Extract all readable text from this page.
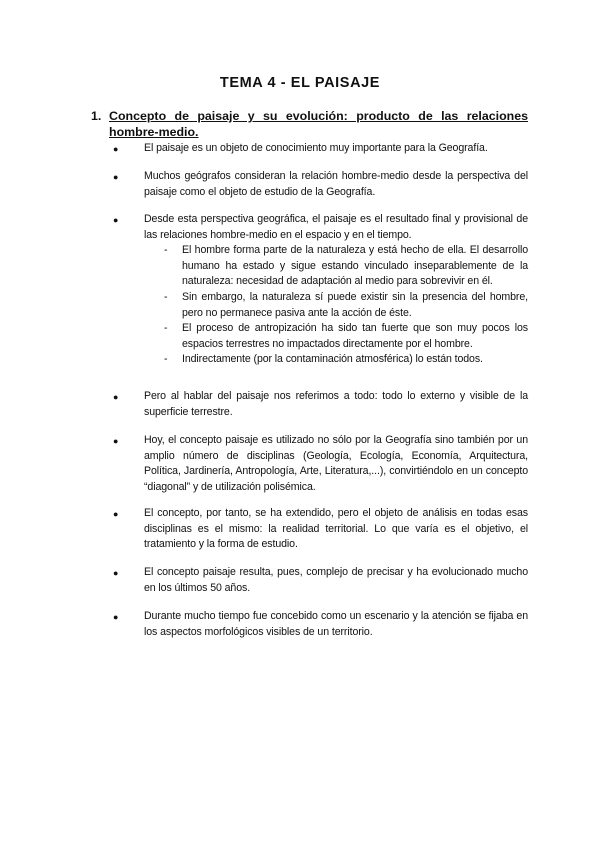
TEMA 4 - EL PAISAJE
1. Concepto de paisaje y su evolución: producto de las relaciones hombre-medio.
● El paisaje es un objeto de conocimiento muy importante para la Geografía.
● Muchos geógrafos consideran la relación hombre-medio desde la perspectiva del paisaje como el objeto de estudio de la Geografía.
● Desde esta perspectiva geográfica, el paisaje es el resultado final y provisional de las relaciones hombre-medio en el espacio y en el tiempo.
- El hombre forma parte de la naturaleza y está hecho de ella. El desarrollo humano ha estado y sigue estando vinculado inseparablemente de la naturaleza: necesidad de adaptación al medio para sobrevivir en él.
- Sin embargo, la naturaleza sí puede existir sin la presencia del hombre, pero no permanece pasiva ante la acción de éste.
- El proceso de antropización ha sido tan fuerte que son muy pocos los espacios terrestres no impactados directamente por el hombre.
- Indirectamente (por la contaminación atmosférica) lo están todos.
● Pero al hablar del paisaje nos referimos a todo: todo lo externo y visible de la superficie terrestre.
● Hoy, el concepto paisaje es utilizado no sólo por la Geografía sino también por un amplio número de disciplinas (Geología, Ecología, Economía, Arquitectura, Política, Jardinería, Antropología, Arte, Literatura,...), convirtiéndolo en un concepto “diagonal” y de utilización polisémica.
● El concepto, por tanto, se ha extendido, pero el objeto de análisis en todas esas disciplinas es el mismo: la realidad territorial. Lo que varía es el objetivo, el tratamiento y la forma de estudio.
● El concepto paisaje resulta, pues, complejo de precisar y ha evolucionado mucho en los últimos 50 años.
● Durante mucho tiempo fue concebido como un escenario y la atención se fijaba en los aspectos morfológicos visibles de un territorio.
